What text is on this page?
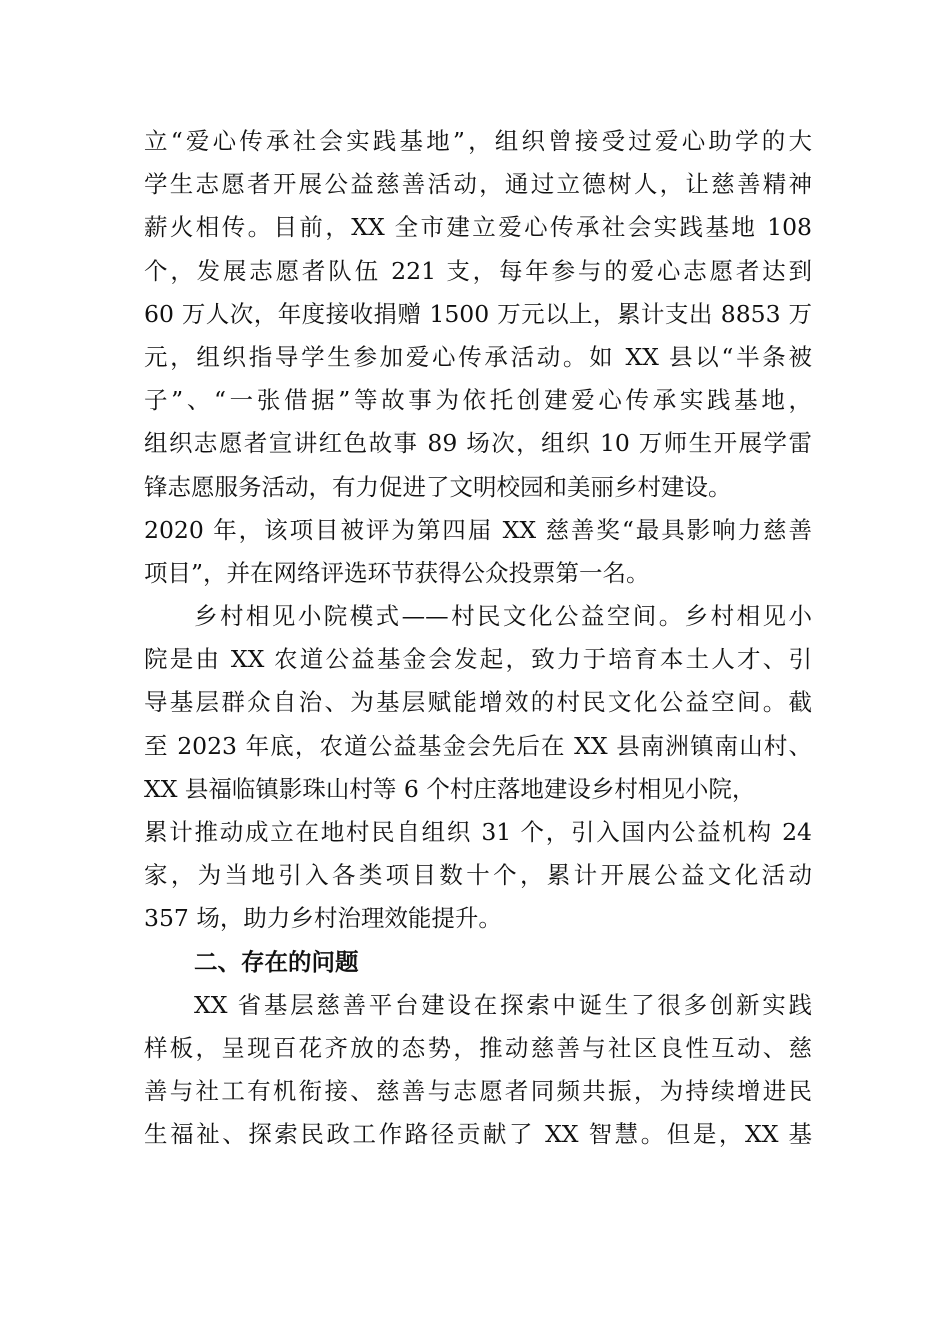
立“爱心传承社会实践基地”，组织曾接受过爱心助学的大
学生志愿者开展公益慈善活动，通过立德树人，让慈善精神
薪火相传。目前，XX 全市建立爱心传承社会实践基地 108
个，发展志愿者队伍 221 支，每年参与的爱心志愿者达到
60 万人次，年度接收捐赠 1500 万元以上，累计支出 8853 万
元，组织指导学生参加爱心传承活动。如 XX 县以“半条被
子”、“一张借据”等故事为依托创建爱心传承实践基地，
组织志愿者宣讲红色故事 89 场次，组织 10 万师生开展学雷
锋志愿服务活动，有力促进了文明校园和美丽乡村建设。
2020 年，该项目被评为第四届 XX 慈善奖“最具影响力慈善
项目”，并在网络评选环节获得公众投票第一名。
乡村相见小院模式——村民文化公益空间。乡村相见小
院是由 XX 农道公益基金会发起，致力于培育本土人才、引
导基层群众自治、为基层赋能增效的村民文化公益空间。截
至 2023 年底，农道公益基金会先后在 XX 县南洲镇南山村、
XX 县福临镇影珠山村等 6 个村庄落地建设乡村相见小院，
累计推动成立在地村民自组织 31 个，引入国内公益机构 24
家，为当地引入各类项目数十个，累计开展公益文化活动
357 场，助力乡村治理效能提升。
二、存在的问题
XX 省基层慈善平台建设在探索中诞生了很多创新实践
样板，呈现百花齐放的态势，推动慈善与社区良性互动、慈
善与社工有机衔接、慈善与志愿者同频共振，为持续增进民
生福祉、探索民政工作路径贡献了 XX 智慧。但是，XX 基
